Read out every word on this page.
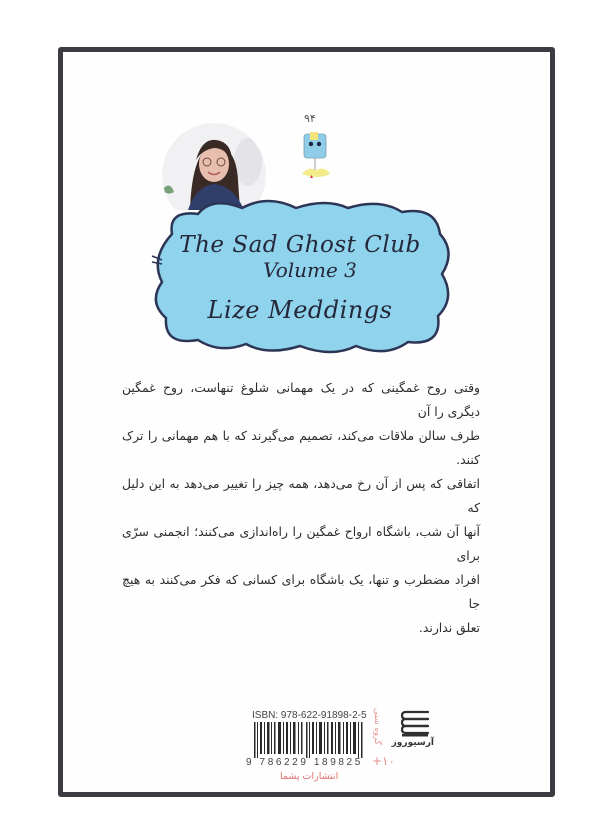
۹۴
▴
The Sad Ghost Club
Volume 3
Lize Meddings

وقتی روح غمگینی که در یک مهمانی شلوغ تنهاست، روح غمگین دیگری را آن

طرف سالن ملاقات می‌کند، تصمیم می‌گیرند که با هم مهمانی را ترک کنند.

اتفاقی که پس از آن رخ می‌دهد، همه چیز را تغییر می‌دهد به این دلیل که

آنها آن شب، باشگاه ارواح غمگین را راه‌اندازی می‌کنند؛ انجمنی سرّی برای

افراد مضطرب و تنها، یک باشگاه برای کسانی که فکر می‌کنند به هیچ جا

تعلق ندارند.

ISBN: 978-622-91898-2-5
9 786229 189825
انتشارات پشما
گروه سنی
+۱۰
آرسیوروز
